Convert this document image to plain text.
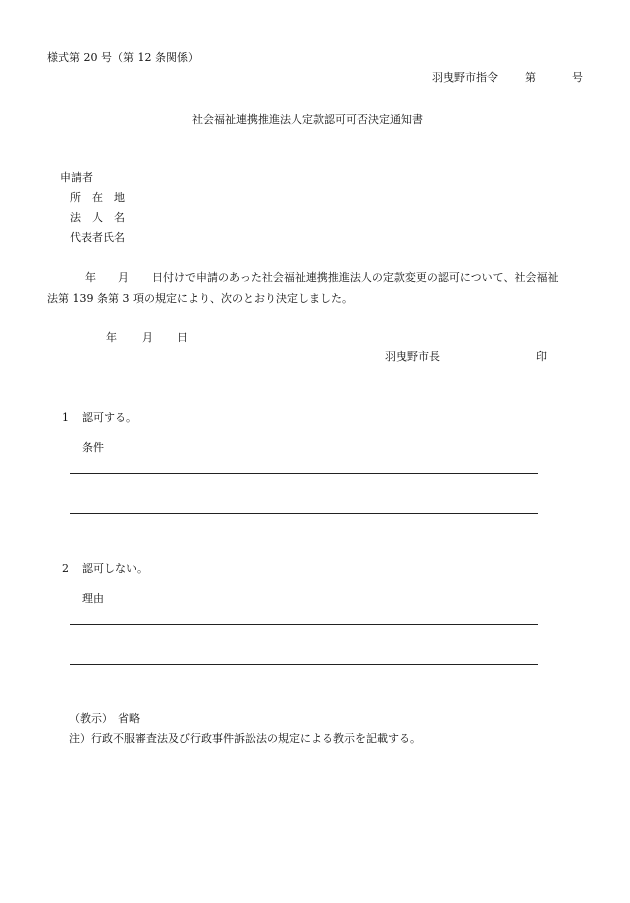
様式第 20 号（第 12 条関係）
羽曳野市指令 第	号
社会福祉連携推進法人定款認可可否決定通知書
申請者
所　在　地
法　人　名
代表者氏名
年 月 日付けで申請のあった社会福祉連携推進法人の定款変更の認可について、社会福祉
法第 139 条第 3 項の規定により、次のとおり決定しました。
年 月 日
羽曳野市長	印
1 認可する。
条件
2 認可しない。
理由
（教示） 省略
注）行政不服審査法及び行政事件訴訟法の規定による教示を記載する。
